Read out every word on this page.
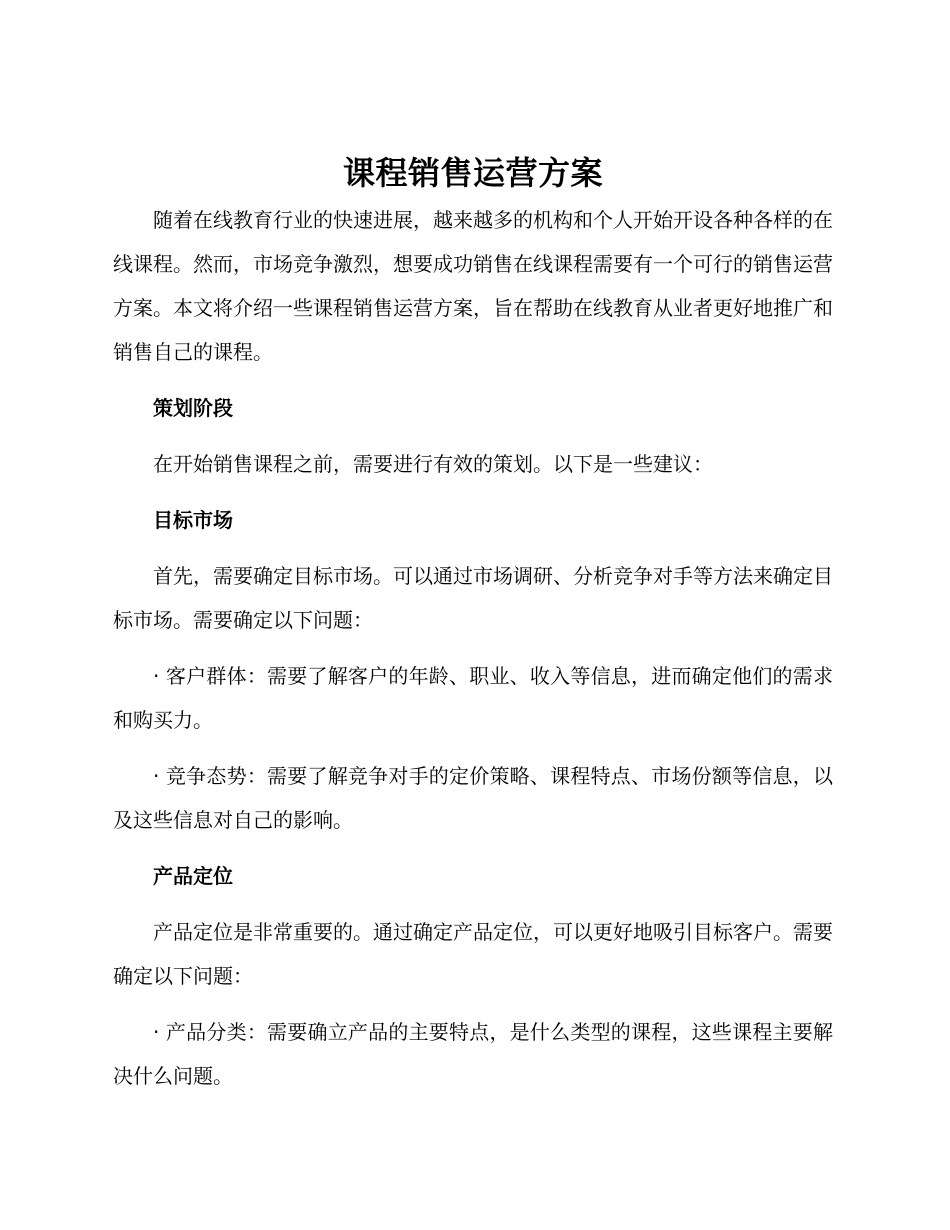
课程销售运营方案

随着在线教育行业的快速进展，越来越多的机构和个人开始开设各种各样的在线课程。然而，市场竞争激烈，想要成功销售在线课程需要有一个可行的销售运营方案。本文将介绍一些课程销售运营方案，旨在帮助在线教育从业者更好地推广和销售自己的课程。

策划阶段

在开始销售课程之前，需要进行有效的策划。以下是一些建议：

目标市场

首先，需要确定目标市场。可以通过市场调研、分析竞争对手等方法来确定目标市场。需要确定以下问题：

· 客户群体：需要了解客户的年龄、职业、收入等信息，进而确定他们的需求和购买力。

· 竞争态势：需要了解竞争对手的定价策略、课程特点、市场份额等信息，以及这些信息对自己的影响。

产品定位

产品定位是非常重要的。通过确定产品定位，可以更好地吸引目标客户。需要确定以下问题：

· 产品分类：需要确立产品的主要特点，是什么类型的课程，这些课程主要解决什么问题。
